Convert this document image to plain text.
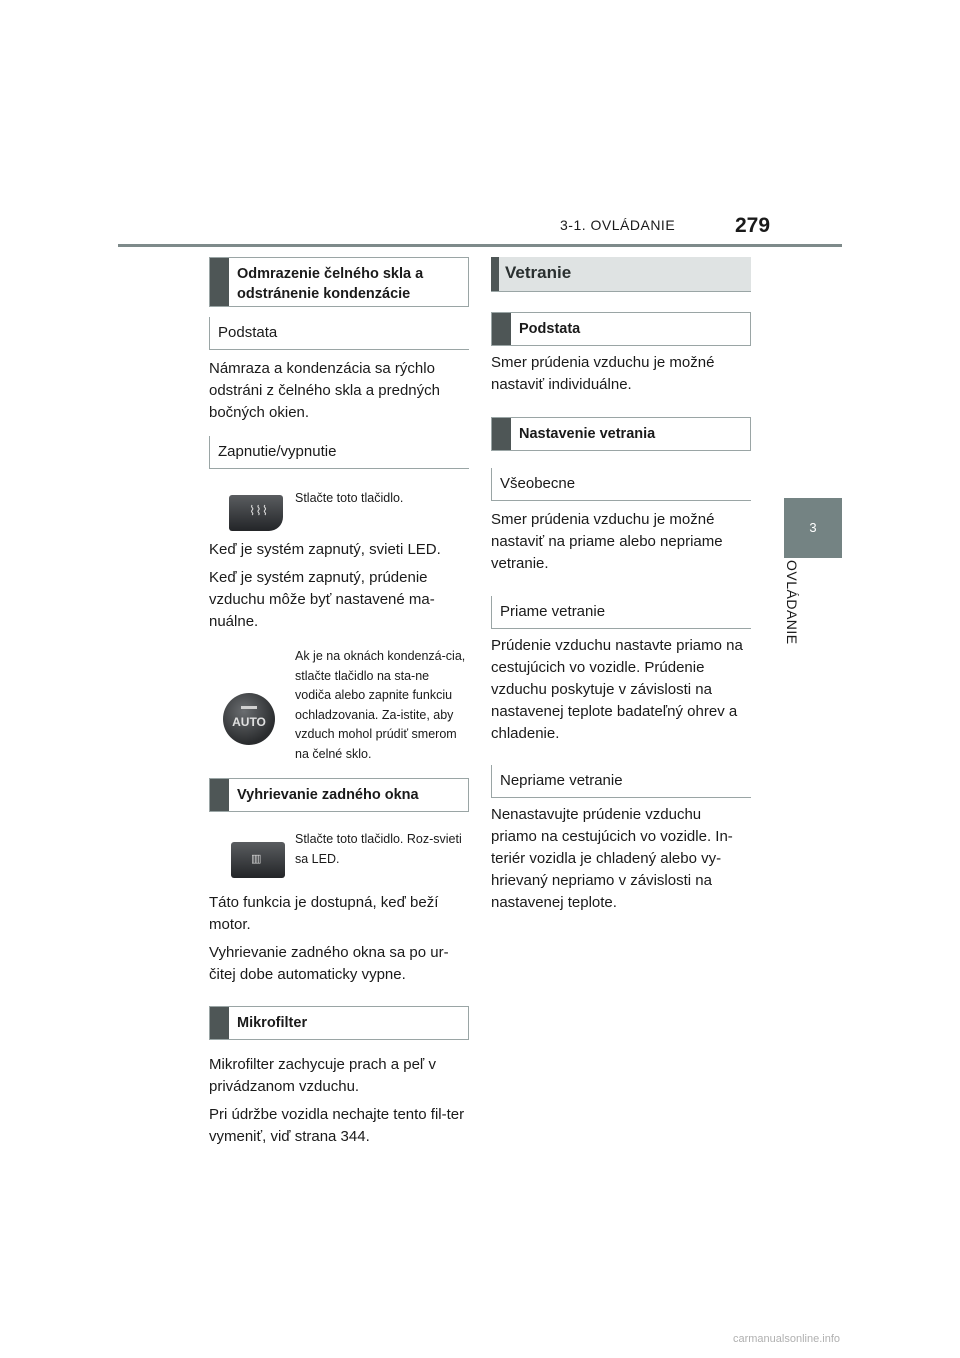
3-1. OVLÁDANIE	279
3
OVLÁDANIE
Odmrazenie čelného skla a odstránenie kondenzácie
Podstata

Námraza a kondenzácia sa rýchlo odstráni z čelného skla a predných bočných okien.

Zapnutie/vypnutie
⌇⌇⌇
Stlačte toto tlačidlo.

Keď je systém zapnutý, svieti LED.

Keď je systém zapnutý, prúdenie vzduchu môže byť nastavené ma-nuálne.

AUTO
Ak je na oknách kondenzá-cia, stlačte tlačidlo na sta-ne vodiča alebo zapnite funkciu ochladzovania. Za-istite, aby vzduch mohol prúdiť smerom na čelné sklo.
Vyhrievanie zadného okna
▥
Stlačte toto tlačidlo. Roz-svieti sa LED.

Táto funkcia je dostupná, keď beží motor.

Vyhrievanie zadného okna sa po ur-čitej dobe automaticky vypne.

Mikrofilter

Mikrofilter zachycuje prach a peľ v privádzanom vzduchu.

Pri údržbe vozidla nechajte tento fil-ter vymeniť, viď strana 344.

Vetranie
Podstata

Smer prúdenia vzduchu je možné nastaviť individuálne.

Nastavenie vetrania
Všeobecne

Smer prúdenia vzduchu je možné nastaviť na priame alebo nepriame vetranie.

Priame vetranie

Prúdenie vzduchu nastavte priamo na cestujúcich vo vozidle. Prúdenie vzduchu poskytuje v závislosti na nastavenej teplote badateľný ohrev a chladenie.

Nepriame vetranie

Nenastavujte prúdenie vzduchu priamo na cestujúcich vo vozidle. In-teriér vozidla je chladený alebo vy-hrievaný nepriamo v závislosti na nastavenej teplote.

carmanualsonline.info
